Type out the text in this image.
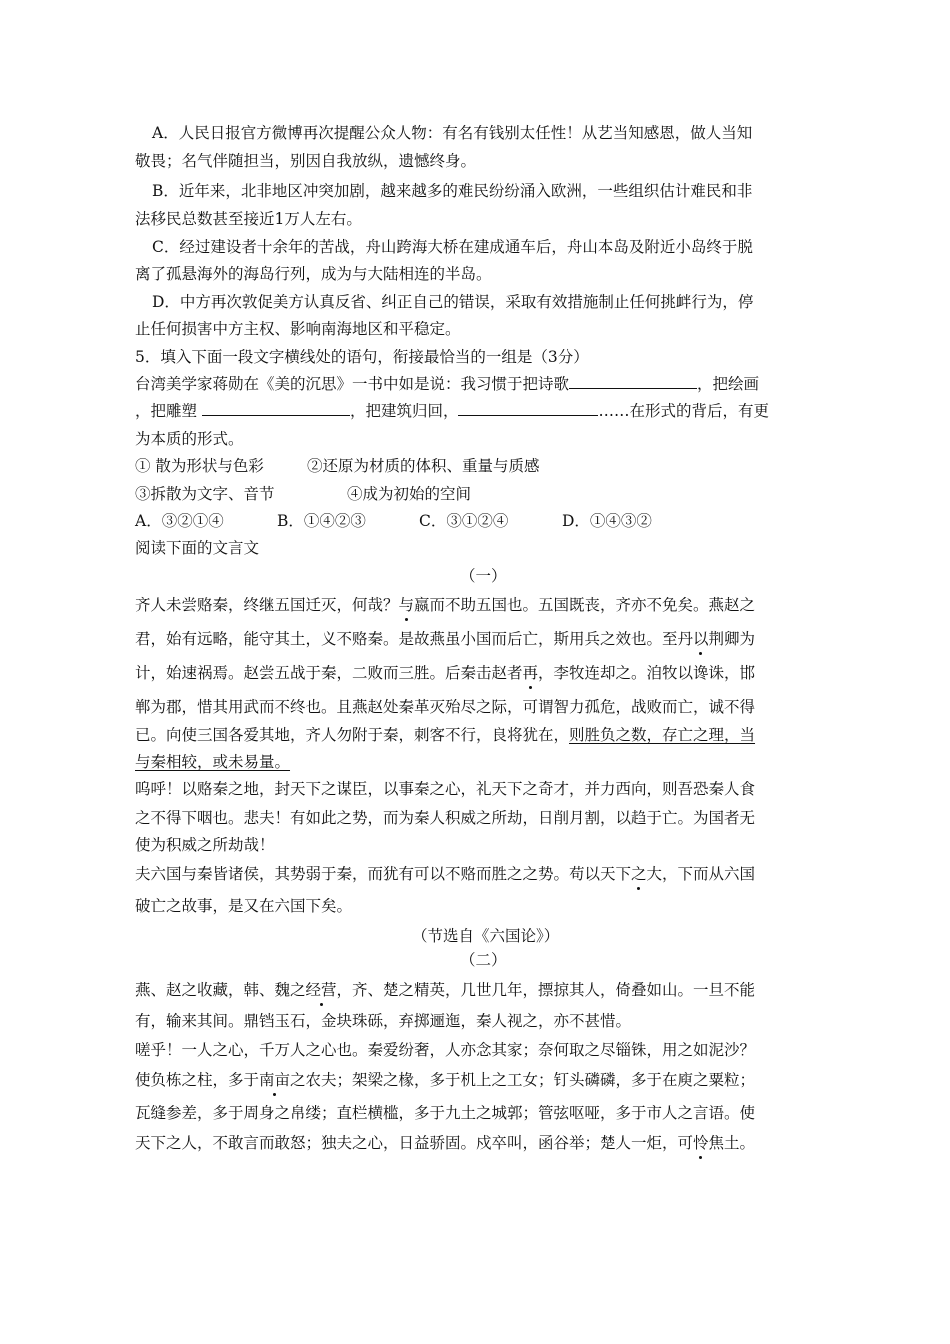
A．人民日报官方微博再次提醒公众人物：有名有钱别太任性！从艺当知感恩，做人当知
敬畏；名气伴随担当，别因自我放纵，遗憾终身。
B．近年来，北非地区冲突加剧，越来越多的难民纷纷涌入欧洲，一些组织估计难民和非
法移民总数甚至接近1万人左右。
C．经过建设者十余年的苦战，舟山跨海大桥在建成通车后，舟山本岛及附近小岛终于脱
离了孤悬海外的海岛行列，成为与大陆相连的半岛。
D．中方再次敦促美方认真反省、纠正自己的错误，采取有效措施制止任何挑衅行为，停
止任何损害中方主权、影响南海地区和平稳定。
5．填入下面一段文字横线处的语句，衔接最恰当的一组是（3分）
台湾美学家蒋勋在《美的沉思》一书中如是说：我习惯于把诗歌	，把绘画
，把雕塑	，把建筑归回，	……在形式的背后，有更
为本质的形式。
① 散为形状与色彩	②还原为材质的体积、重量与质感
③拆散为文字、音节	④成为初始的空间
A．③②①④	B．①④②③	C．③①②④	D．①④③②
阅读下面的文言文
（一）
齐人未尝赂秦，终继五国迁灭，何哉？与嬴而不助五国也。五国既丧，齐亦不免矣。燕赵之
君，始有远略，能守其土，义不赂秦。是故燕虽小国而后亡，斯用兵之效也。至丹以荆卿为
计，始速祸焉。赵尝五战于秦，二败而三胜。后秦击赵者再，李牧连却之。洎牧以谗诛，邯
郸为郡，惜其用武而不终也。且燕赵处秦革灭殆尽之际，可谓智力孤危，战败而亡，诚不得
已。向使三国各爱其地，齐人勿附于秦，刺客不行，良将犹在，则胜负之数，存亡之理，当
与秦相较，或未易量。
呜呼！以赂秦之地，封天下之谋臣，以事秦之心，礼天下之奇才，并力西向，则吾恐秦人食
之不得下咽也。悲夫！有如此之势，而为秦人积威之所劫，日削月割，以趋于亡。为国者无
使为积威之所劫哉！
夫六国与秦皆诸侯，其势弱于秦，而犹有可以不赂而胜之之势。苟以天下之大，下而从六国
破亡之故事，是又在六国下矣。
（节选自《六国论》）
（二）
燕、赵之收藏，韩、魏之经营，齐、楚之精英，几世几年，摽掠其人，倚叠如山。一旦不能
有，输来其间。鼎铛玉石，金块珠砾，弃掷逦迤，秦人视之，亦不甚惜。
嗟乎！一人之心，千万人之心也。秦爱纷奢，人亦念其家；奈何取之尽锱铢，用之如泥沙？
使负栋之柱，多于南亩之农夫；架梁之椽，多于机上之工女；钉头磷磷，多于在庾之粟粒；
瓦缝参差，多于周身之帛缕；直栏横槛，多于九土之城郭；管弦呕哑，多于市人之言语。使
天下之人，不敢言而敢怒；独夫之心，日益骄固。戍卒叫，函谷举；楚人一炬，可怜焦土。
